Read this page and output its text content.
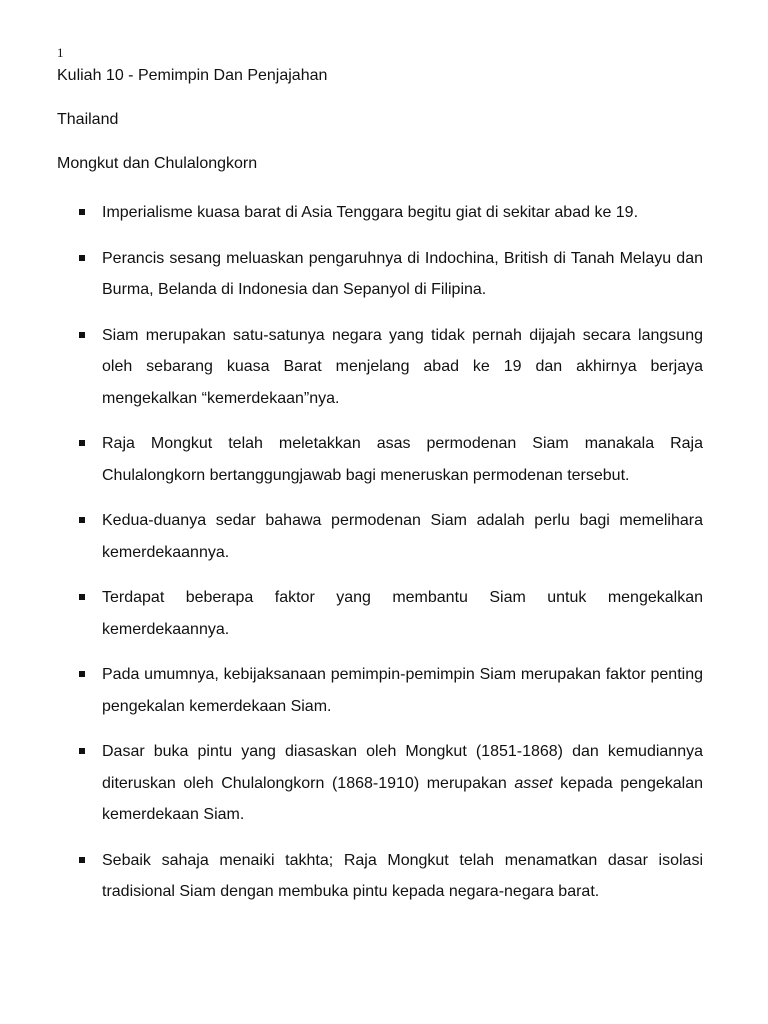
1
Kuliah 10 - Pemimpin Dan Penjajahan
Thailand
Mongkut dan Chulalongkorn
Imperialisme kuasa barat di Asia Tenggara begitu giat di sekitar abad ke 19.
Perancis sesang meluaskan pengaruhnya di Indochina, British di Tanah Melayu dan Burma, Belanda di Indonesia dan Sepanyol di Filipina.
Siam merupakan satu-satunya negara yang tidak pernah dijajah secara langsung oleh sebarang kuasa Barat menjelang abad ke 19 dan akhirnya berjaya mengekalkan “kemerdekaan”nya.
Raja Mongkut telah meletakkan asas permodenan Siam manakala Raja Chulalongkorn bertanggungjawab bagi meneruskan permodenan tersebut.
Kedua-duanya sedar bahawa permodenan Siam adalah perlu bagi memelihara kemerdekaannya.
Terdapat beberapa faktor yang membantu Siam untuk mengekalkan kemerdekaannya.
Pada umumnya, kebijaksanaan pemimpin-pemimpin Siam merupakan faktor penting pengekalan kemerdekaan Siam.
Dasar buka pintu yang diasaskan oleh Mongkut (1851-1868) dan kemudiannya diteruskan oleh Chulalongkorn (1868-1910) merupakan asset kepada pengekalan kemerdekaan Siam.
Sebaik sahaja menaiki takhta; Raja Mongkut telah menamatkan dasar isolasi tradisional Siam dengan membuka pintu kepada negara-negara barat.
